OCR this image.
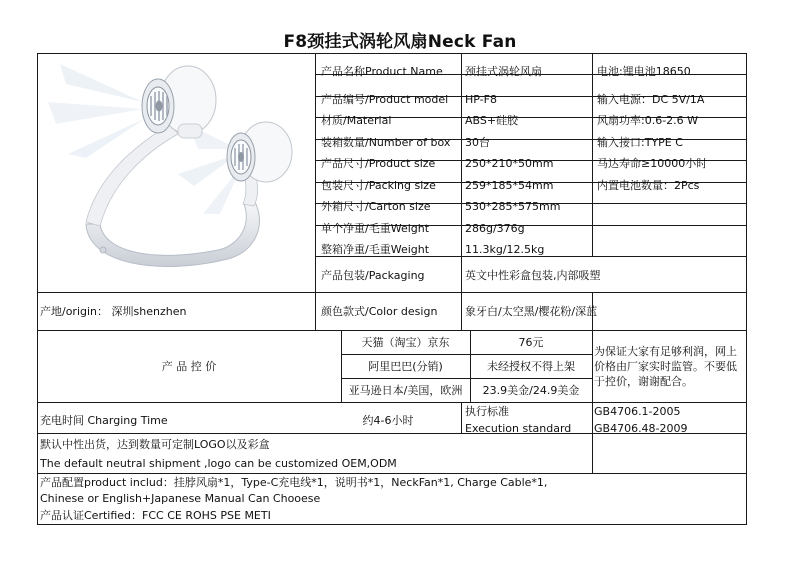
F8颈挂式涡轮风扇Neck Fan
产品名称Product Name 颈挂式涡轮风扇	电池:锂电池18650
产品编号/Product model HP-F8	输入电源：DC 5V/1A
材质/Material	ABS+硅胶	风扇功率:0.6-2.6 W
装箱数量/Number of box 30台	输入接口:TYPE C
产品尺寸/Product size	250*210*50mm	马达寿命≥10000小时
包装尺寸/Packing size	259*185*54mm	内置电池数量：2Pcs
外箱尺寸/Carton size	530*285*575mm
单个净重/毛重Weight	286g/376g
整箱净重/毛重Weight	11.3kg/12.5kg
产品包装/Packaging	英文中性彩盒包装,内部吸塑
产地/origin： 深圳shenzhen	颜色款式/Color design	象牙白/太空黑/樱花粉/深蓝
产 品 控 价
天猫（淘宝）京东	76元
阿里巴巴(分销)	未经授权不得上架
亚马逊日本/美国，欧洲	23.9美金/24.9美金
为保证大家有足够利润，网上
价格由厂家实时监管。不要低
于控价，谢谢配合。
充电时间 Charging Time	约4-6小时
执行标准
Execution standard
GB4706.1-2005
GB4706.48-2009
默认中性出货，达到数量可定制LOGO以及彩盒
The default neutral shipment ,logo can be customized OEM,ODM
产品配置product includ：挂脖风扇*1，Type-C充电线*1，说明书*1，NeckFan*1, Charge Cable*1,
Chinese or English+Japanese Manual Can Chooese
产品认证Certified：FCC CE ROHS PSE METI
